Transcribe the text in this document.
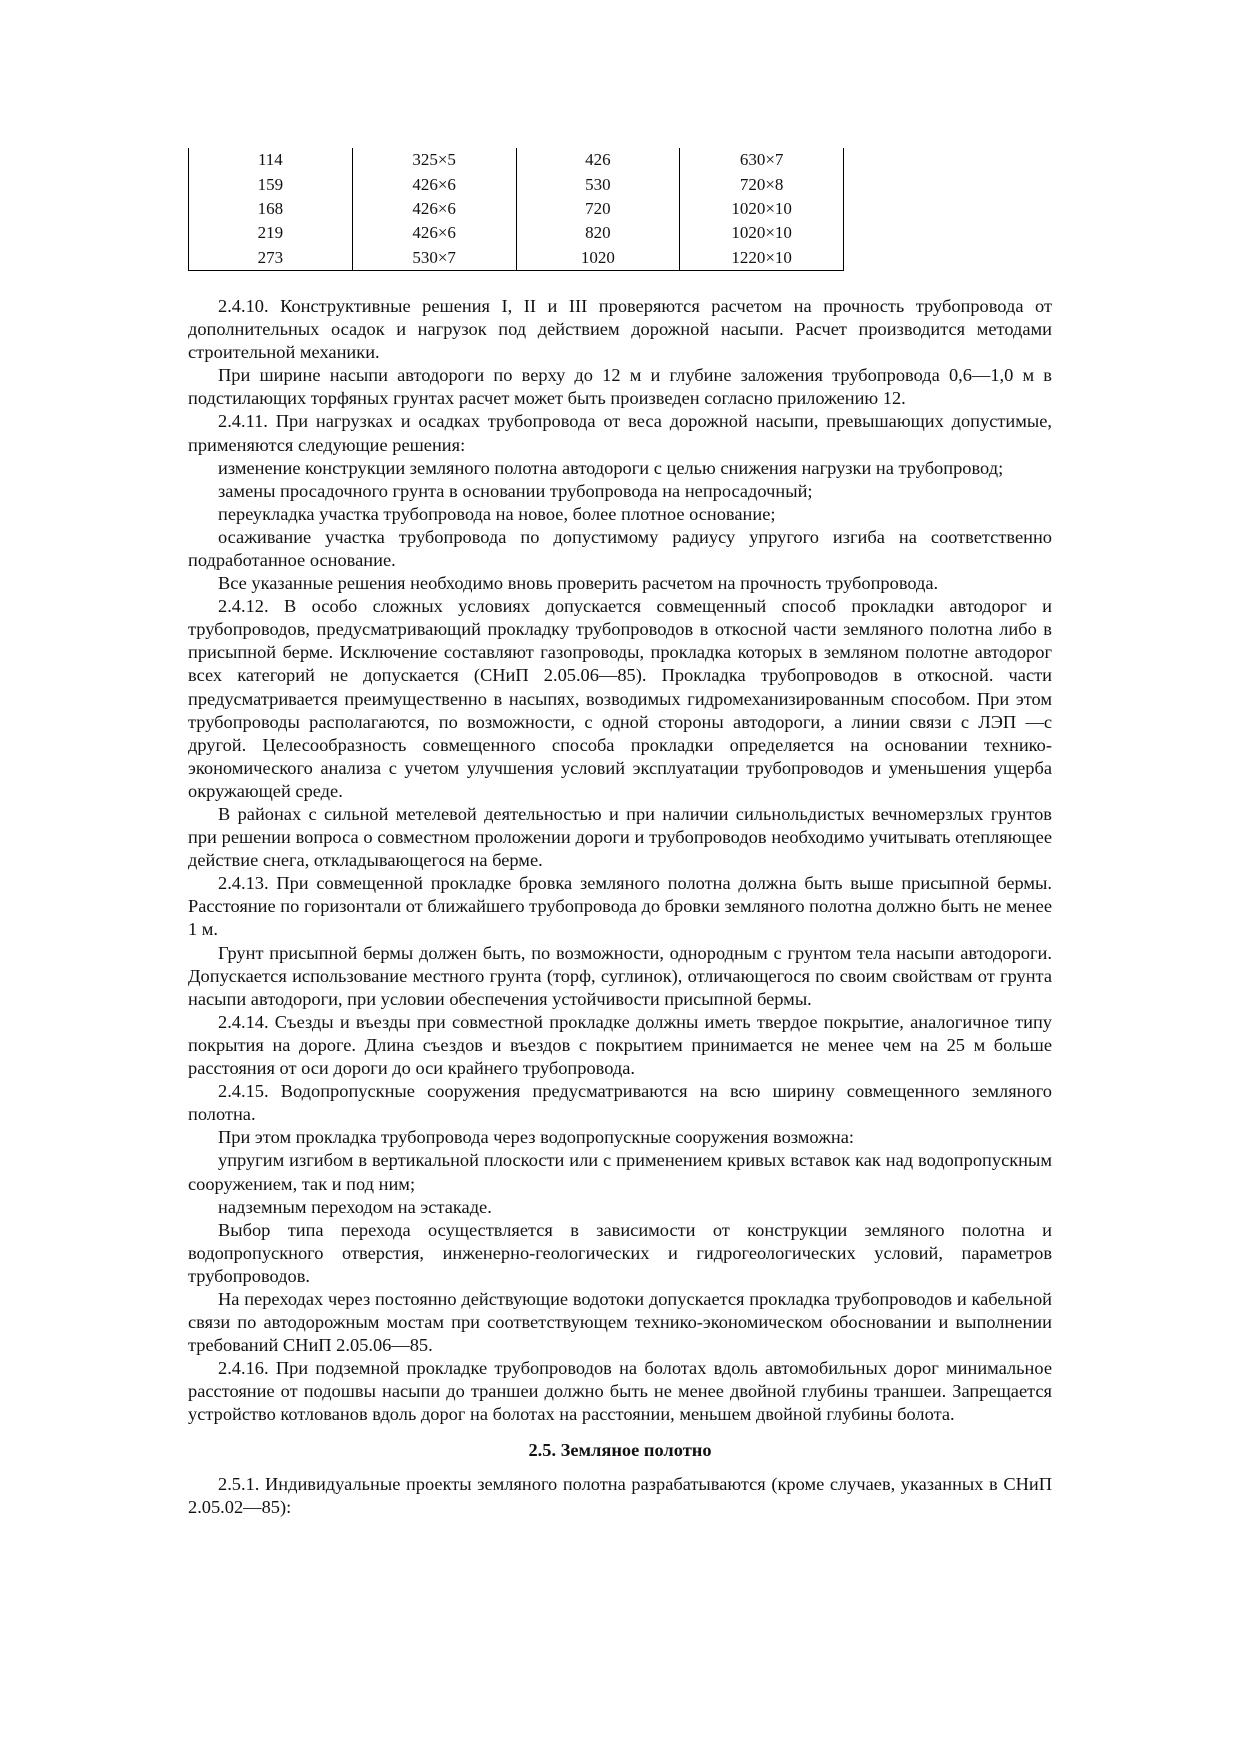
114	325×5	426	630×7
159	426×6	530	720×8
168	426×6	720	1020×10
219	426×6	820	1020×10
273	530×7	1020	1220×10

2.4.10. Конструктивные решения I, II и III проверяются расчетом на прочность трубопровода от дополнительных осадок и нагрузок под действием дорожной насыпи. Расчет производится методами строительной механики.

При ширине насыпи автодороги по верху до 12 м и глубине заложения трубопровода 0,6—1,0 м в подстилающих торфяных грунтах расчет может быть произведен согласно приложению 12.

2.4.11. При нагрузках и осадках трубопровода от веса дорожной насыпи, превышающих допустимые, применяются следующие решения:

изменение конструкции земляного полотна автодороги с целью снижения нагрузки на трубопровод;

замены просадочного грунта в основании трубопровода на непросадочный;

переукладка участка трубопровода на новое, более плотное основание;

осаживание участка трубопровода по допустимому радиусу упругого изгиба на соответственно подработанное основание.

Все указанные решения необходимо вновь проверить расчетом на прочность трубопровода.

2.4.12. В особо сложных условиях допускается совмещенный способ прокладки автодорог и трубопроводов, предусматривающий прокладку трубопроводов в откосной части земляного полотна либо в присыпной берме. Исключение составляют газопроводы, прокладка которых в земляном полотне автодорог всех категорий не допускается (СНиП 2.05.06—85). Прокладка трубопроводов в откосной. части предусматривается преимущественно в насыпях, возводимых гидромеханизированным способом. При этом трубопроводы располагаются, по возможности, с одной стороны автодороги, а линии связи с ЛЭП —с другой. Целесообразность совмещенного способа прокладки определяется на основании технико-экономического анализа с учетом улучшения условий эксплуатации трубопроводов и уменьшения ущерба окружающей среде.

В районах с сильной метелевой деятельностью и при наличии сильнольдистых вечномерзлых грунтов при решении вопроса о совместном проложении дороги и трубопроводов необходимо учитывать отепляющее действие снега, откладывающегося на берме.

2.4.13. При совмещенной прокладке бровка земляного полотна должна быть выше присыпной бермы. Расстояние по горизонтали от ближайшего трубопровода до бровки земляного полотна должно быть не менее 1 м.

Грунт присыпной бермы должен быть, по возможности, однородным с грунтом тела насыпи автодороги. Допускается использование местного грунта (торф, суглинок), отличающегося по своим свойствам от грунта насыпи автодороги, при условии обеспечения устойчивости присыпной бермы.

2.4.14. Съезды и въезды при совместной прокладке должны иметь твердое покрытие, аналогичное типу покрытия на дороге. Длина съездов и въездов с покрытием принимается не менее чем на 25 м больше расстояния от оси дороги до оси крайнего трубопровода.

2.4.15. Водопропускные сооружения предусматриваются на всю ширину совмещенного земляного полотна.

При этом прокладка трубопровода через водопропускные сооружения возможна:

упругим изгибом в вертикальной плоскости или с применением кривых вставок как над водопропускным сооружением, так и под ним;

надземным переходом на эстакаде.

Выбор типа перехода осуществляется в зависимости от конструкции земляного полотна и водопропускного отверстия, инженерно-геологических и гидрогеологических условий, параметров трубопроводов.

На переходах через постоянно действующие водотоки допускается прокладка трубопроводов и кабельной связи по автодорожным мостам при соответствующем технико-экономическом обосновании и выполнении требований СНиП 2.05.06—85.

2.4.16. При подземной прокладке трубопроводов на болотах вдоль автомобильных дорог минимальное расстояние от подошвы насыпи до траншеи должно быть не менее двойной глубины траншеи. Запрещается устройство котлованов вдоль дорог на болотах на расстоянии, меньшем двойной глубины болота.

2.5. Земляное полотно

2.5.1. Индивидуальные проекты земляного полотна разрабатываются (кроме случаев, указанных в СНиП 2.05.02—85):
